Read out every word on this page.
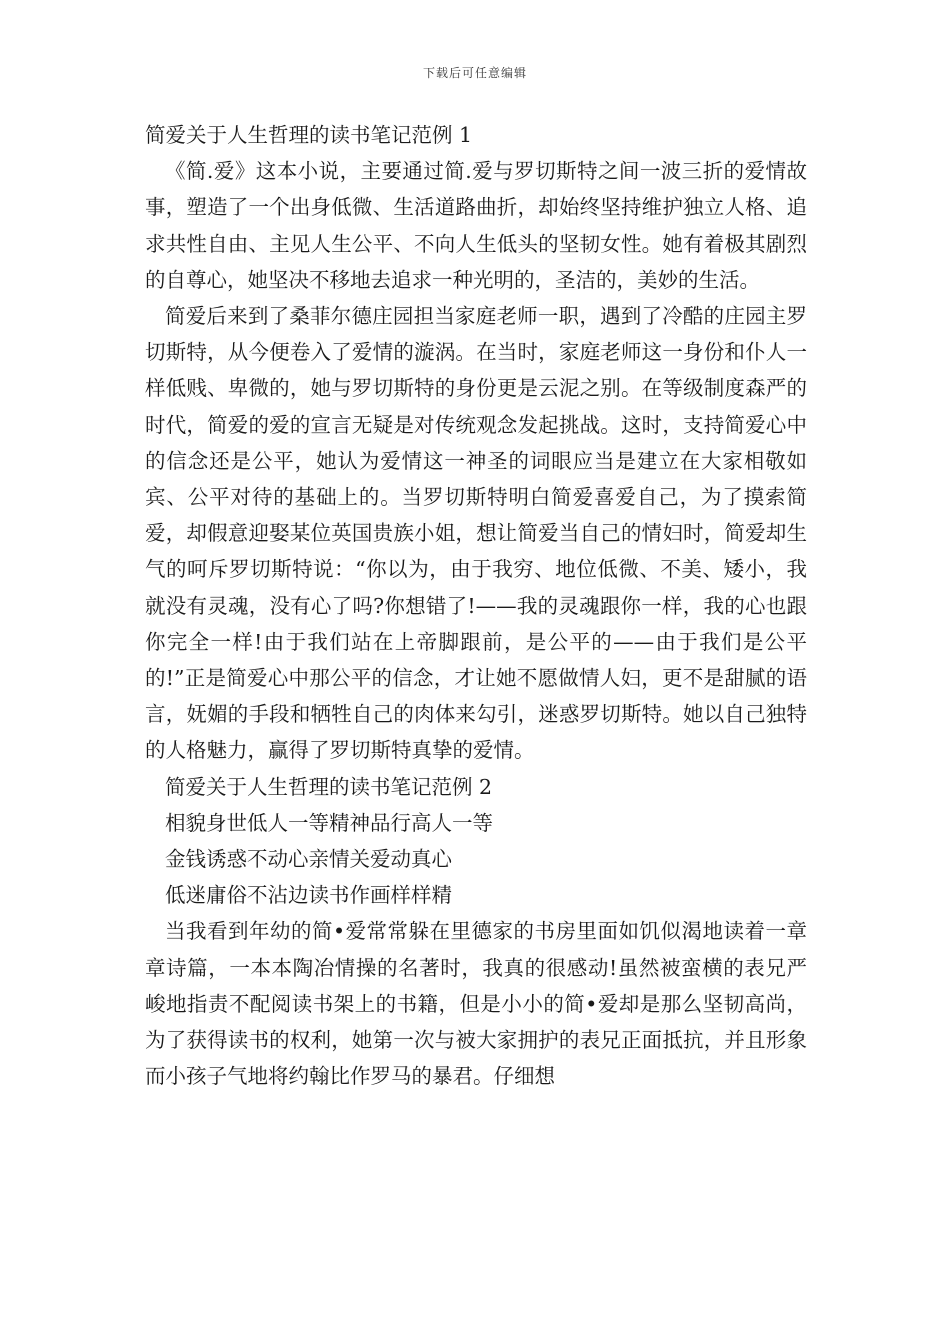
下载后可任意编辑

简爱关于人生哲理的读书笔记范例 1

《简.爱》这本小说，主要通过简.爱与罗切斯特之间一波三折的爱情故事，塑造了一个出身低微、生活道路曲折，却始终坚持维护独立人格、追求共性自由、主见人生公平、不向人生低头的坚韧女性。她有着极其剧烈的自尊心，她坚决不移地去追求一种光明的，圣洁的，美妙的生活。

简爱后来到了桑菲尔德庄园担当家庭老师一职，遇到了冷酷的庄园主罗切斯特，从今便卷入了爱情的漩涡。在当时，家庭老师这一身份和仆人一样低贱、卑微的，她与罗切斯特的身份更是云泥之别。在等级制度森严的时代，简爱的爱的宣言无疑是对传统观念发起挑战。这时，支持简爱心中的信念还是公平，她认为爱情这一神圣的词眼应当是建立在大家相敬如宾、公平对待的基础上的。当罗切斯特明白简爱喜爱自己，为了摸索简爱，却假意迎娶某位英国贵族小姐，想让简爱当自己的情妇时，简爱却生气的呵斥罗切斯特说：“你以为，由于我穷、地位低微、不美、矮小，我就没有灵魂，没有心了吗?你想错了!——我的灵魂跟你一样，我的心也跟你完全一样!由于我们站在上帝脚跟前，是公平的——由于我们是公平的!”正是简爱心中那公平的信念，才让她不愿做情人妇，更不是甜腻的语言，妩媚的手段和牺牲自己的肉体来勾引，迷惑罗切斯特。她以自己独特的人格魅力，赢得了罗切斯特真挚的爱情。

简爱关于人生哲理的读书笔记范例 2

相貌身世低人一等精神品行高人一等

金钱诱惑不动心亲情关爱动真心

低迷庸俗不沾边读书作画样样精

当我看到年幼的简•爱常常躲在里德家的书房里面如饥似渴地读着一章章诗篇，一本本陶冶情操的名著时，我真的很感动!虽然被蛮横的表兄严峻地指责不配阅读书架上的书籍，但是小小的简•爱却是那么坚韧高尚，为了获得读书的权利，她第一次与被大家拥护的表兄正面抵抗，并且形象而小孩子气地将约翰比作罗马的暴君。仔细想
